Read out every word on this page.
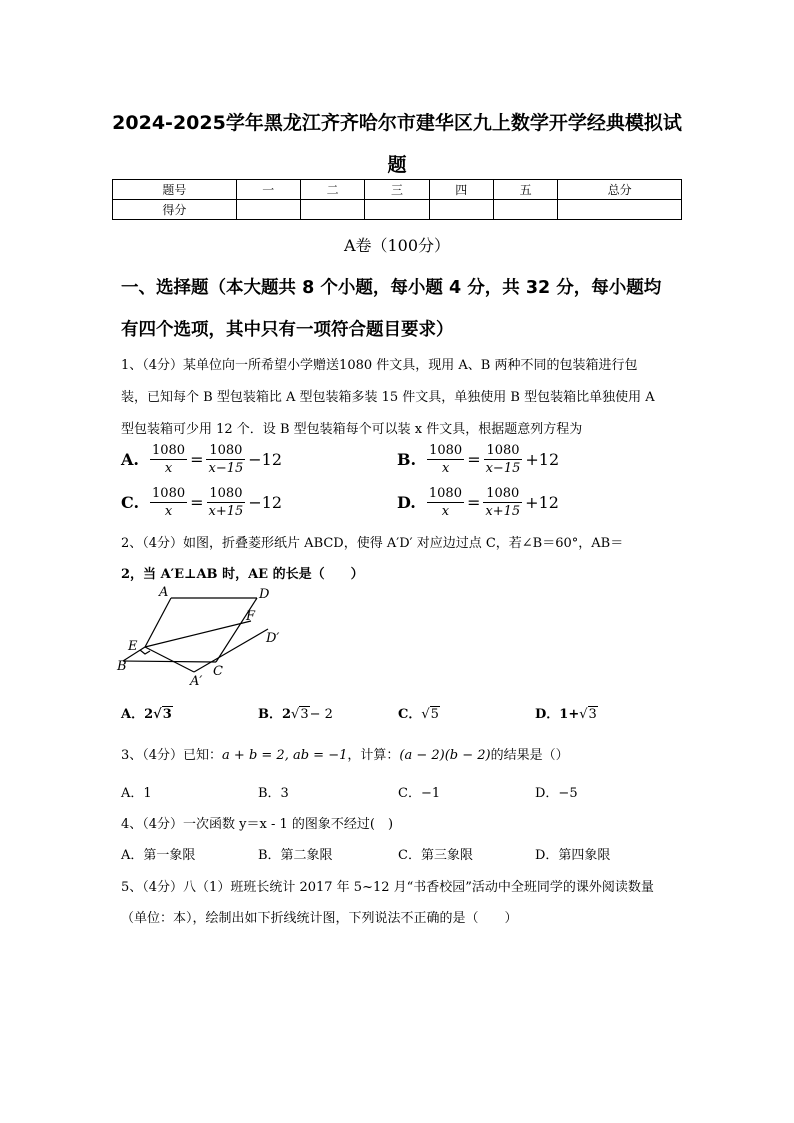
2024-2025学年黑龙江齐齐哈尔市建华区九上数学开学经典模拟试
题
题号	一	二	三	四	五	总分
得分						
A卷（100分）
一、选择题（本大题共 8 个小题，每小题 4 分，共 32 分，每小题均
有四个选项，其中只有一项符合题目要求）
1、（4分）某单位向一所希望小学赠送1080 件文具，现用 A、B 两种不同的包装箱进行包
装，已知每个 B 型包装箱比 A 型包装箱多装 15 件文具，单独使用 B 型包装箱比单独使用 A
型包装箱可少用 12 个．设 B 型包装箱每个可以装 x 件文具，根据题意列方程为
A. $\frac{1080}{x} = \frac{1080}{x-15} -12$	B. $\frac{1080}{x} = \frac{1080}{x-15} +12$
C. $\frac{1080}{x} = \frac{1080}{x+15} -12$	D. $\frac{1080}{x} = \frac{1080}{x+15} +12$
2、（4分）如图，折叠菱形纸片 ABCD，使得 A′D′ 对应边过点 C，若∠B＝60°，AB＝
2，当 A′E⊥AB 时，AE 的长是（　　）
A	D
F
D′
E
B	C
A′
A．2√3	B．2√3− 2	C．√5	D．1+√3
3、（4分）已知：a + b = 2, ab = −1，计算：(a − 2)(b − 2)的结果是（）
A．1	B．3	C．−1	D．−5
4、（4分）一次函数 y＝x - 1 的图象不经过(　)
A．第一象限	B．第二象限	C．第三象限	D．第四象限
5、（4分）八（1）班班长统计 2017 年 5~12 月“书香校园”活动中全班同学的课外阅读数量
（单位：本），绘制出如下折线统计图，下列说法不正确的是（　　）
